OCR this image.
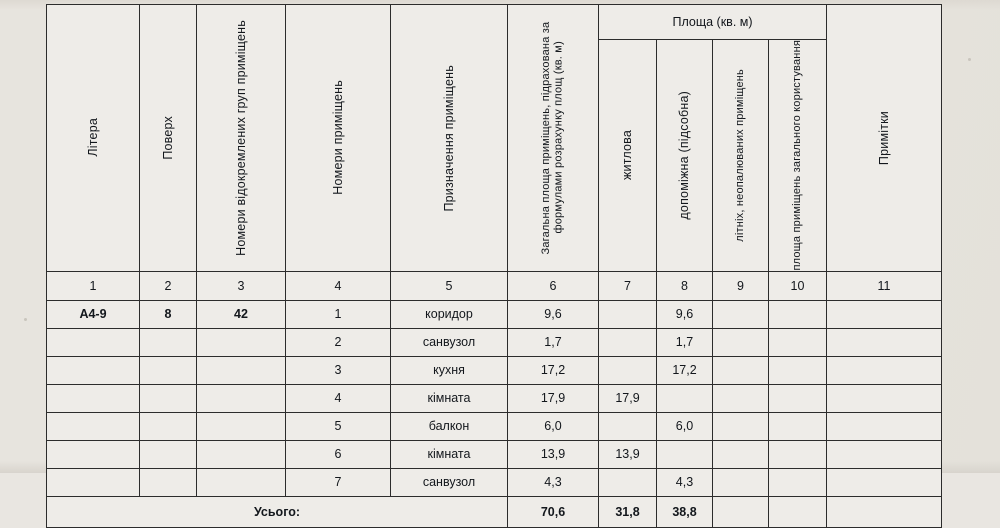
Літера	Поверх	Номери відокремлених груп приміщень	Номери приміщень	Призначення приміщень	Загальна площа приміщень, підрахована за формулами розрахунку площ (кв. м)	Площа (кв. м)				Примітки

						житлова	допоміжна (підсобна)	літніх, неопалюваних приміщень	площа приміщень загального користування	

1	2	3	4	5	6	7	8	9	10	11
А4-9	8	42	1	коридор	9,6		9,6			
			2	санвузол	1,7		1,7			
			3	кухня	17,2		17,2			
			4	кімната	17,9	17,9				
			5	балкон	6,0		6,0			
			6	кімната	13,9	13,9				
			7	санвузол	4,3		4,3			
Усього:					70,6	31,8	38,8			
